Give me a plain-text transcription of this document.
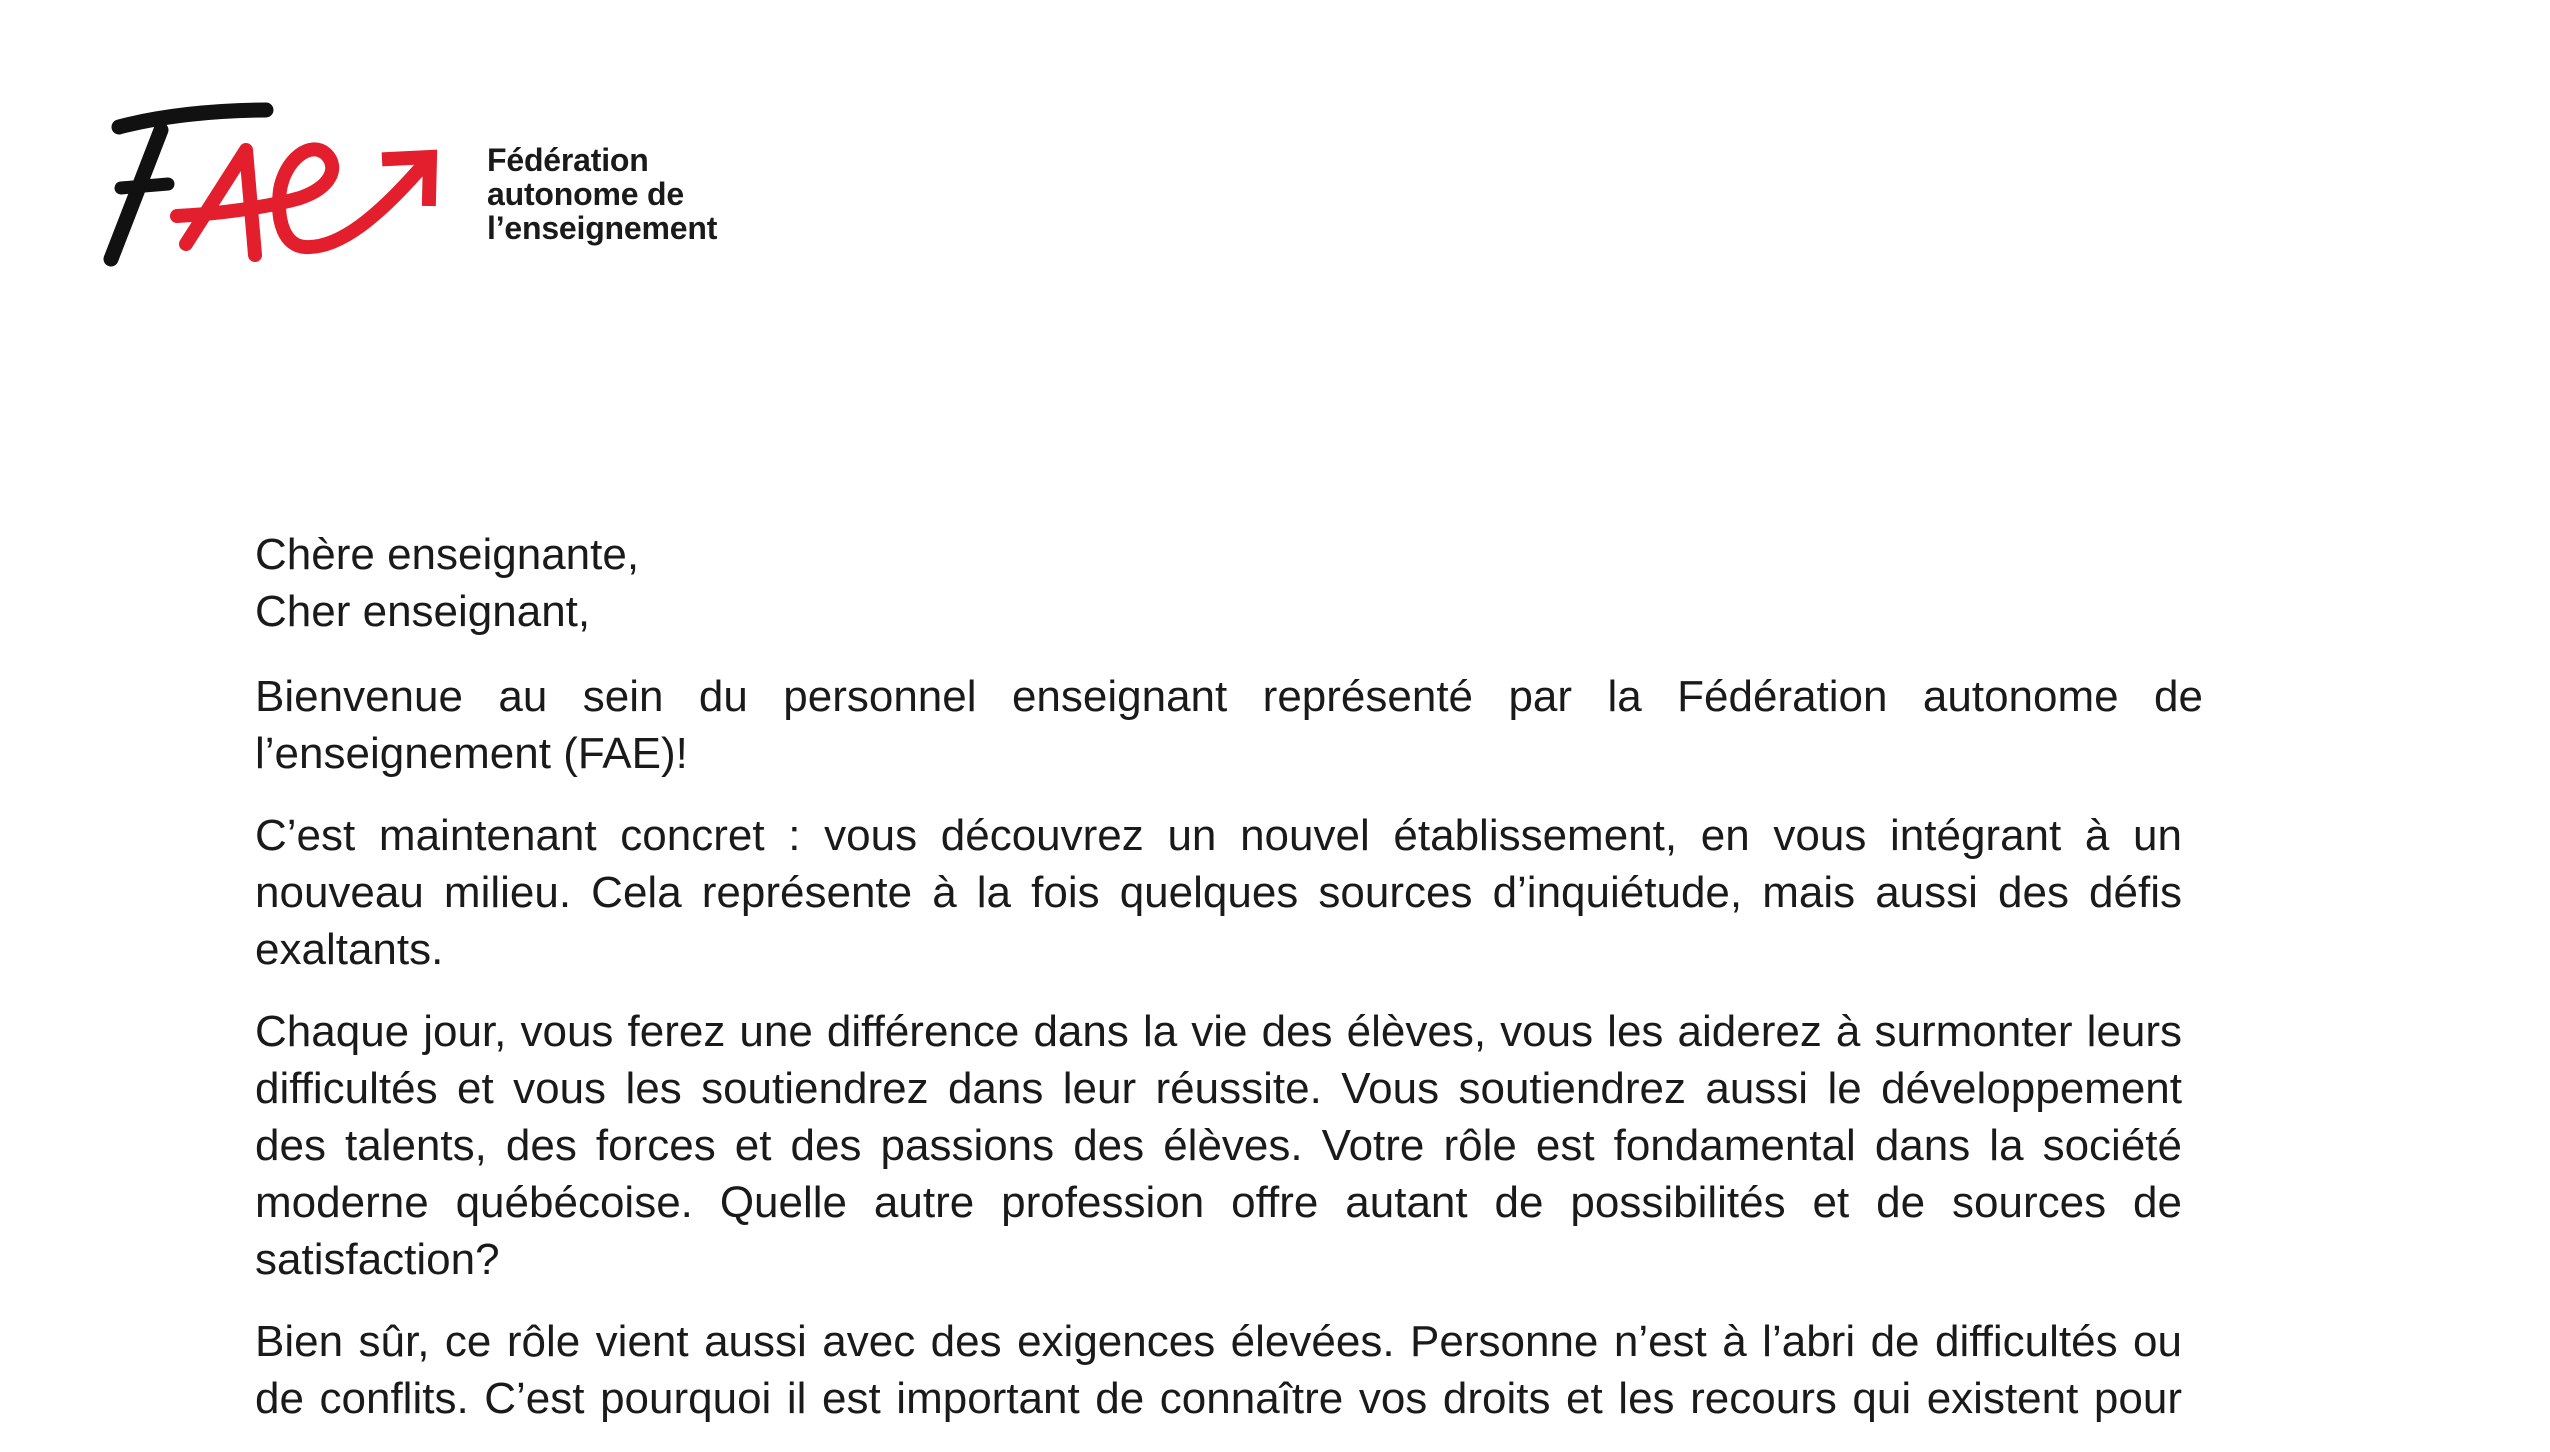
Fédération
autonome de
l’enseignement
Chère enseignante,
Cher enseignant,
Bienvenue au sein du personnel enseignant représenté par la Fédération autonome de
l’enseignement (FAE)!
C’est maintenant concret : vous découvrez un nouvel établissement, en vous intégrant à un
nouveau milieu. Cela représente à la fois quelques sources d’inquiétude, mais aussi des défis
exaltants.
Chaque jour, vous ferez une différence dans la vie des élèves, vous les aiderez à surmonter leurs
difficultés et vous les soutiendrez dans leur réussite. Vous soutiendrez aussi le développement
des talents, des forces et des passions des élèves. Votre rôle est fondamental dans la société
moderne québécoise. Quelle autre profession offre autant de possibilités et de sources de
satisfaction?
Bien sûr, ce rôle vient aussi avec des exigences élevées. Personne n’est à l’abri de difficultés ou
de conflits. C’est pourquoi il est important de connaître vos droits et les recours qui existent pour
